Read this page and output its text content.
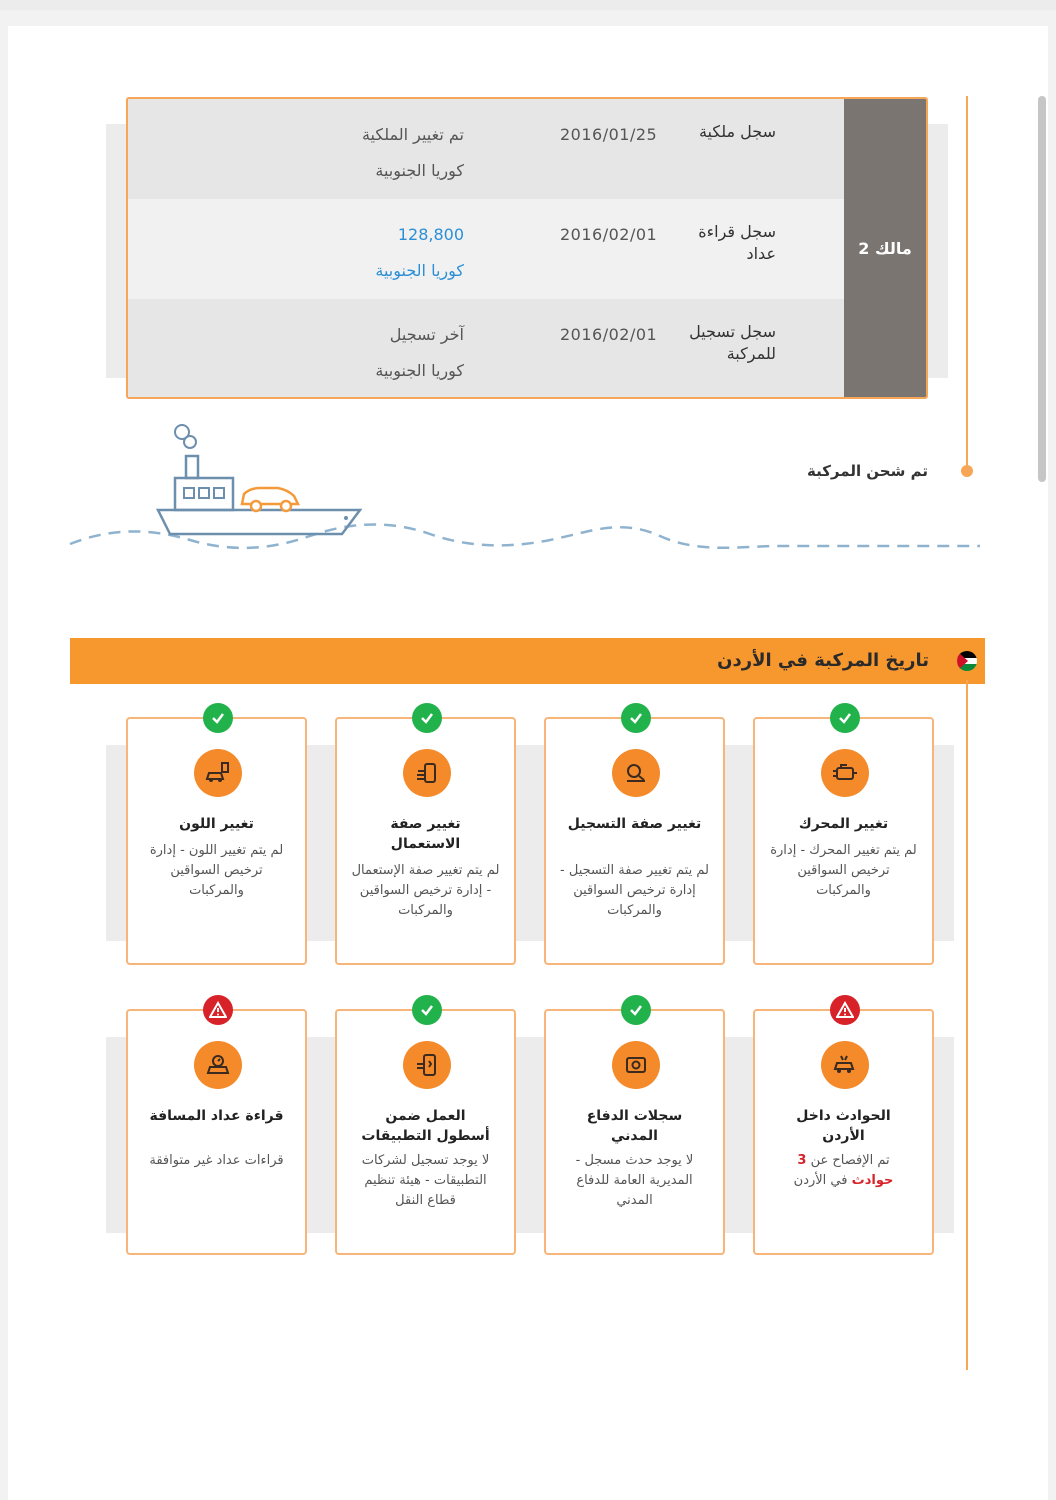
مالك 2
سجل ملكية
2016/01/25
تم تغيير الملكية
كوريا الجنوبية
سجل قراءة عداد
2016/02/01
128,800
كوريا الجنوبية
سجل تسجيل للمركبة
2016/02/01
آخر تسجيل
كوريا الجنوبية
تم شحن المركبة
تاريخ المركبة في الأردن
تغيير المحرك
لم يتم تغيير المحرك - إدارة ترخيص السواقين والمركبات
تغيير صفة التسجيل
لم يتم تغيير صفة التسجيل - إدارة ترخيص السواقين والمركبات
تغيير صفة الاستعمال
لم يتم تغيير صفة الإستعمال - إدارة ترخيص السواقين والمركبات
تغيير اللون
لم يتم تغيير اللون - إدارة ترخيص السواقين والمركبات
الحوادث داخل الأردن
تم الإفصاح عن 3
حوادث في الأردن
سجلات الدفاع المدني
لا يوجد حدث مسجل - المديرية العامة للدفاع المدني
العمل ضمن أسطول التطبيقات
لا يوجد تسجيل لشركات التطبيقات - هيئة تنظيم قطاع النقل
قراءة عداد المسافة
قراءات عداد غير متوافقة
